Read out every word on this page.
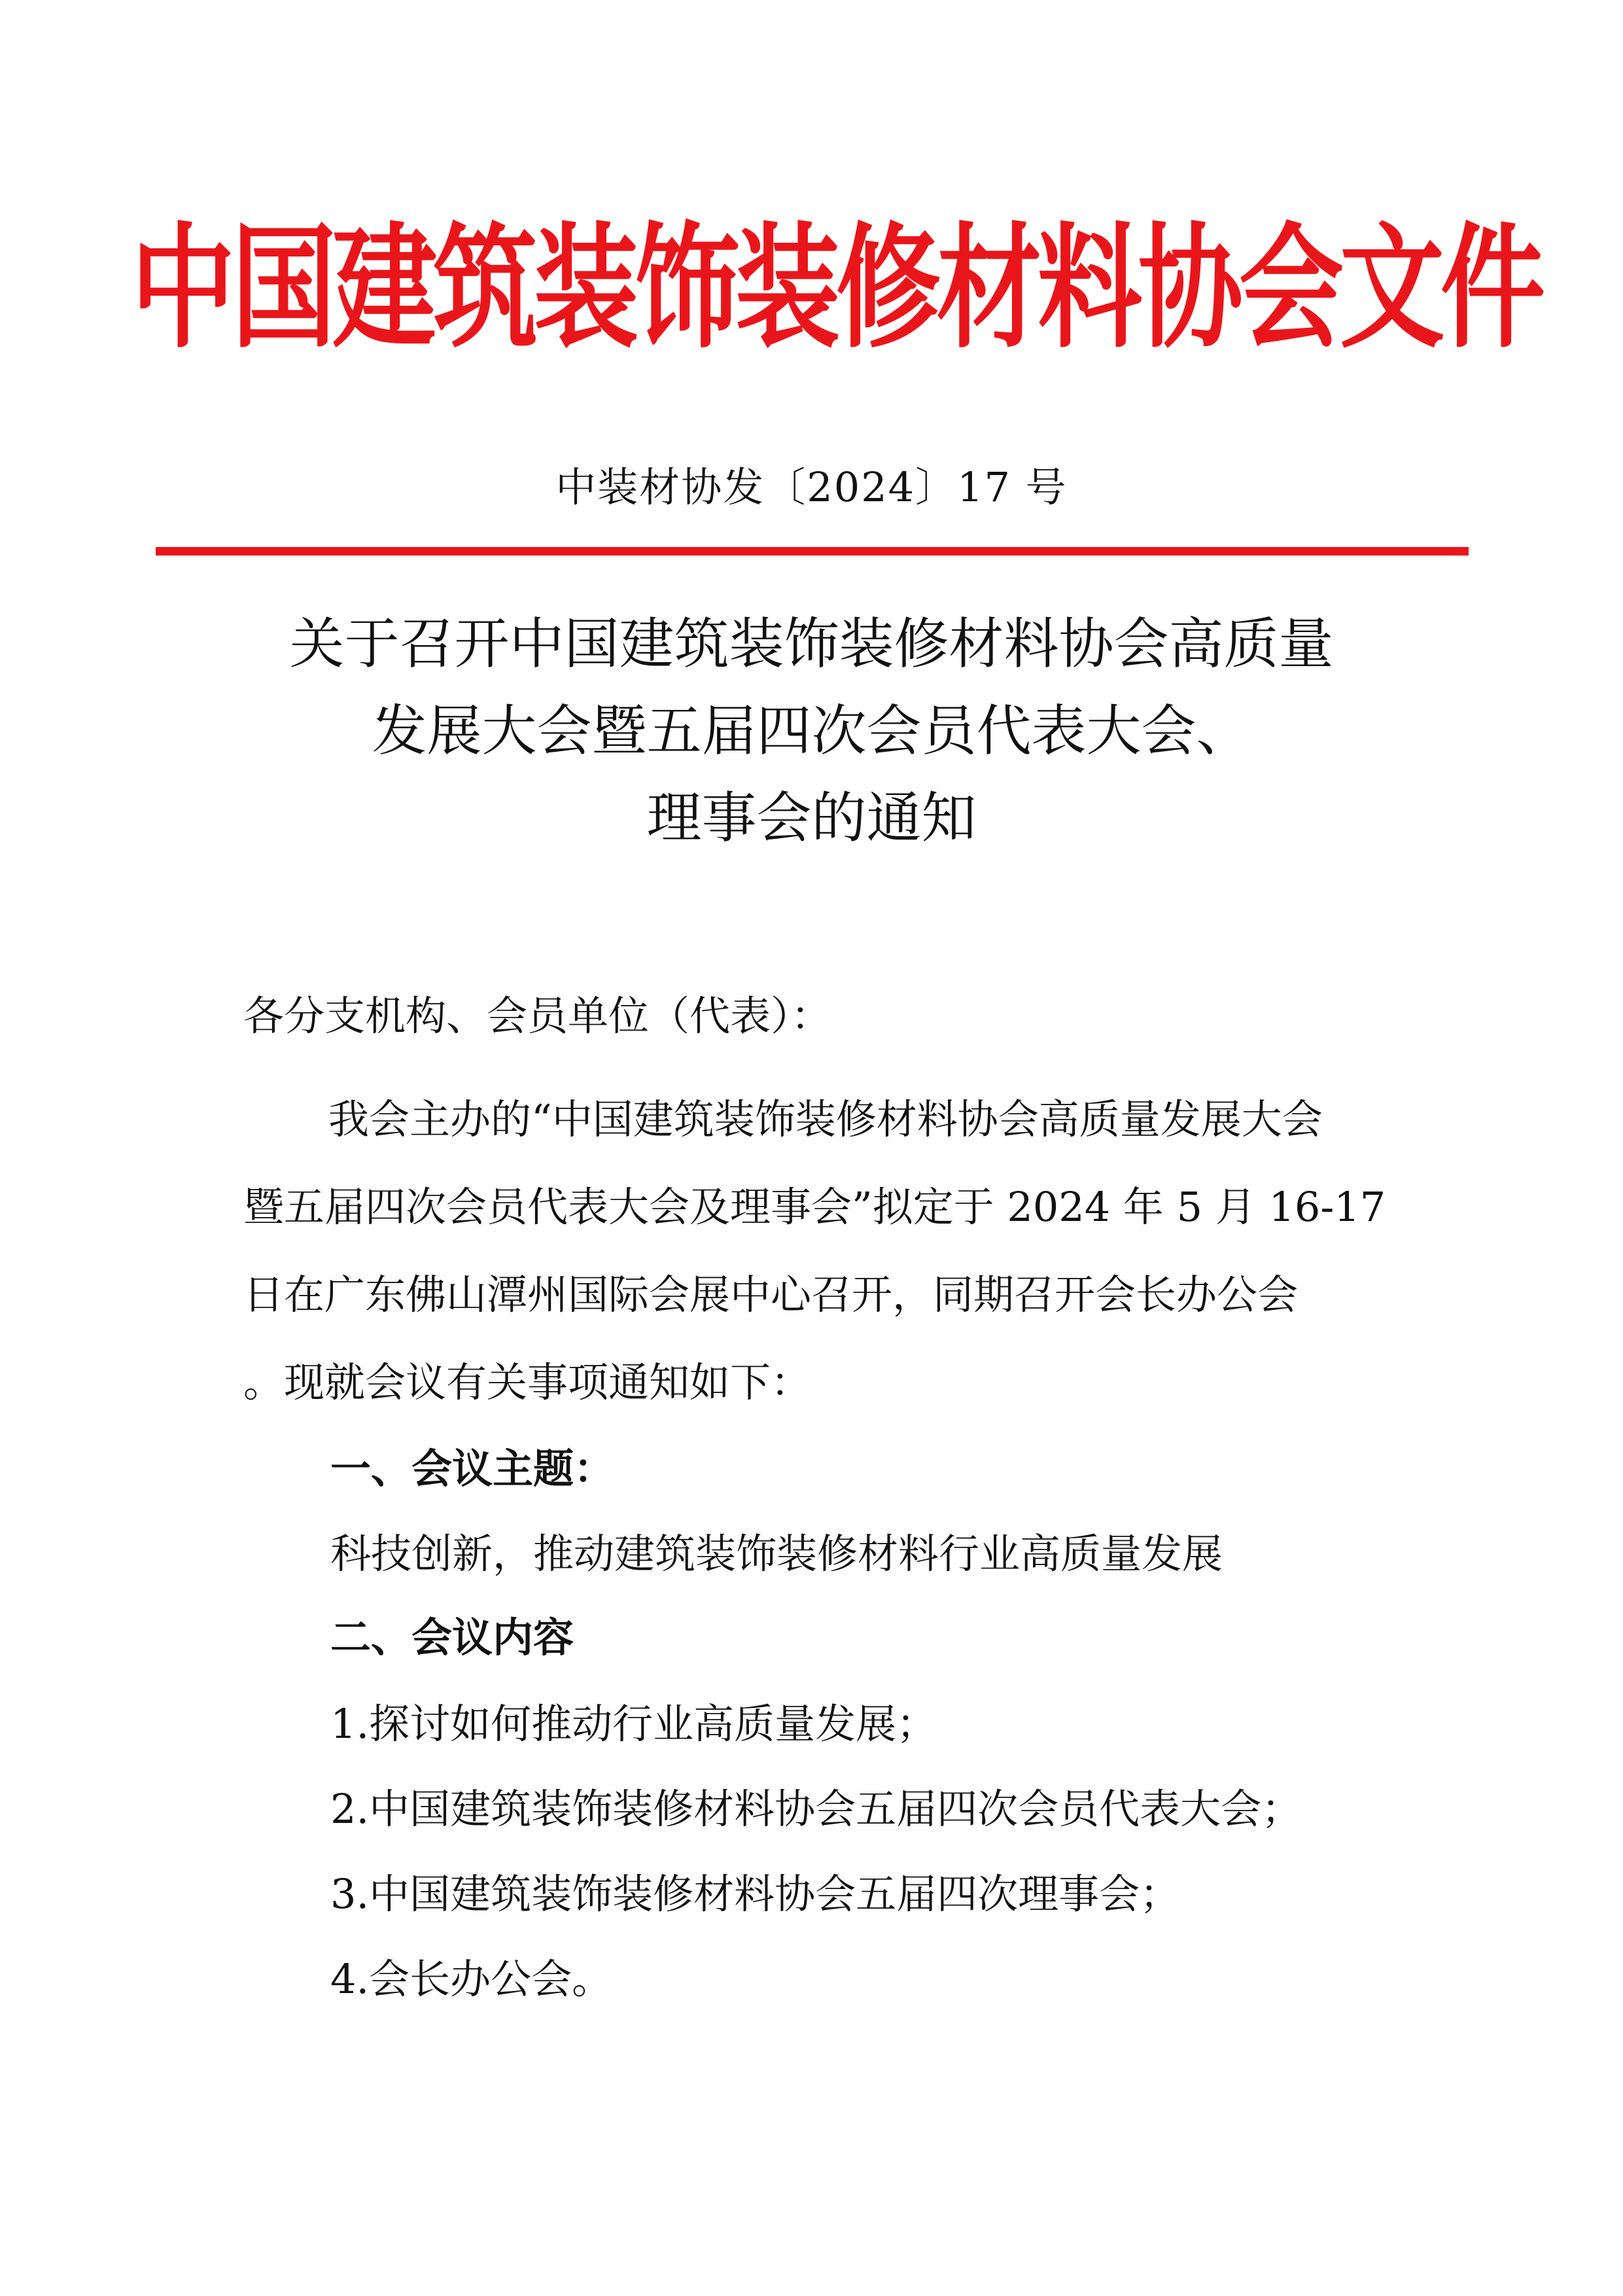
中国建筑装饰装修材料协会文件
中装材协发〔2024〕17 号
关于召开中国建筑装饰装修材料协会高质量
发展大会暨五届四次会员代表大会、
理事会的通知
各分支机构、会员单位（代表）：
我会主办的“中国建筑装饰装修材料协会高质量发展大会
暨五届四次会员代表大会及理事会”拟定于 2024 年 5 月 16-17
日在广东佛山潭州国际会展中心召开，同期召开会长办公会
。现就会议有关事项通知如下：
一、会议主题：
科技创新，推动建筑装饰装修材料行业高质量发展
二、会议内容
1.探讨如何推动行业高质量发展；
2.中国建筑装饰装修材料协会五届四次会员代表大会；
3.中国建筑装饰装修材料协会五届四次理事会；
4.会长办公会。
